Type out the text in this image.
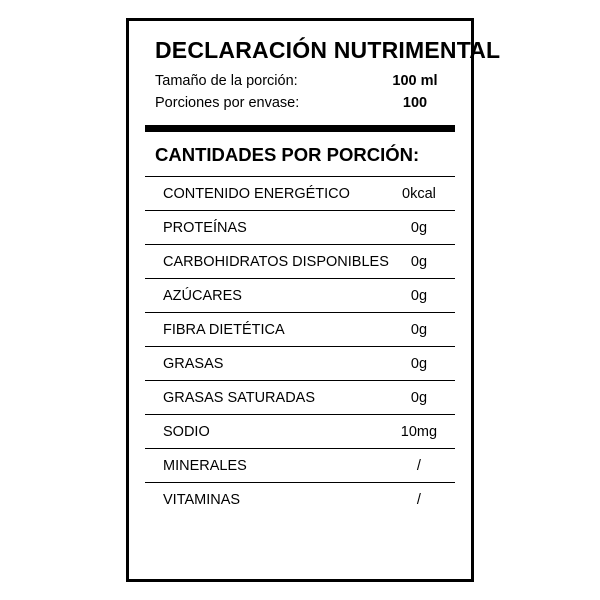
DECLARACIÓN NUTRIMENTAL
Tamaño de la porción:	100 ml
Porciones por envase:	100
CANTIDADES POR PORCIÓN:
CONTENIDO ENERGÉTICO	0kcal
PROTEÍNAS	0g
CARBOHIDRATOS DISPONIBLES	0g
AZÚCARES	0g
FIBRA DIETÉTICA	0g
GRASAS	0g
GRASAS SATURADAS	0g
SODIO	10mg
MINERALES	/
VITAMINAS	/
